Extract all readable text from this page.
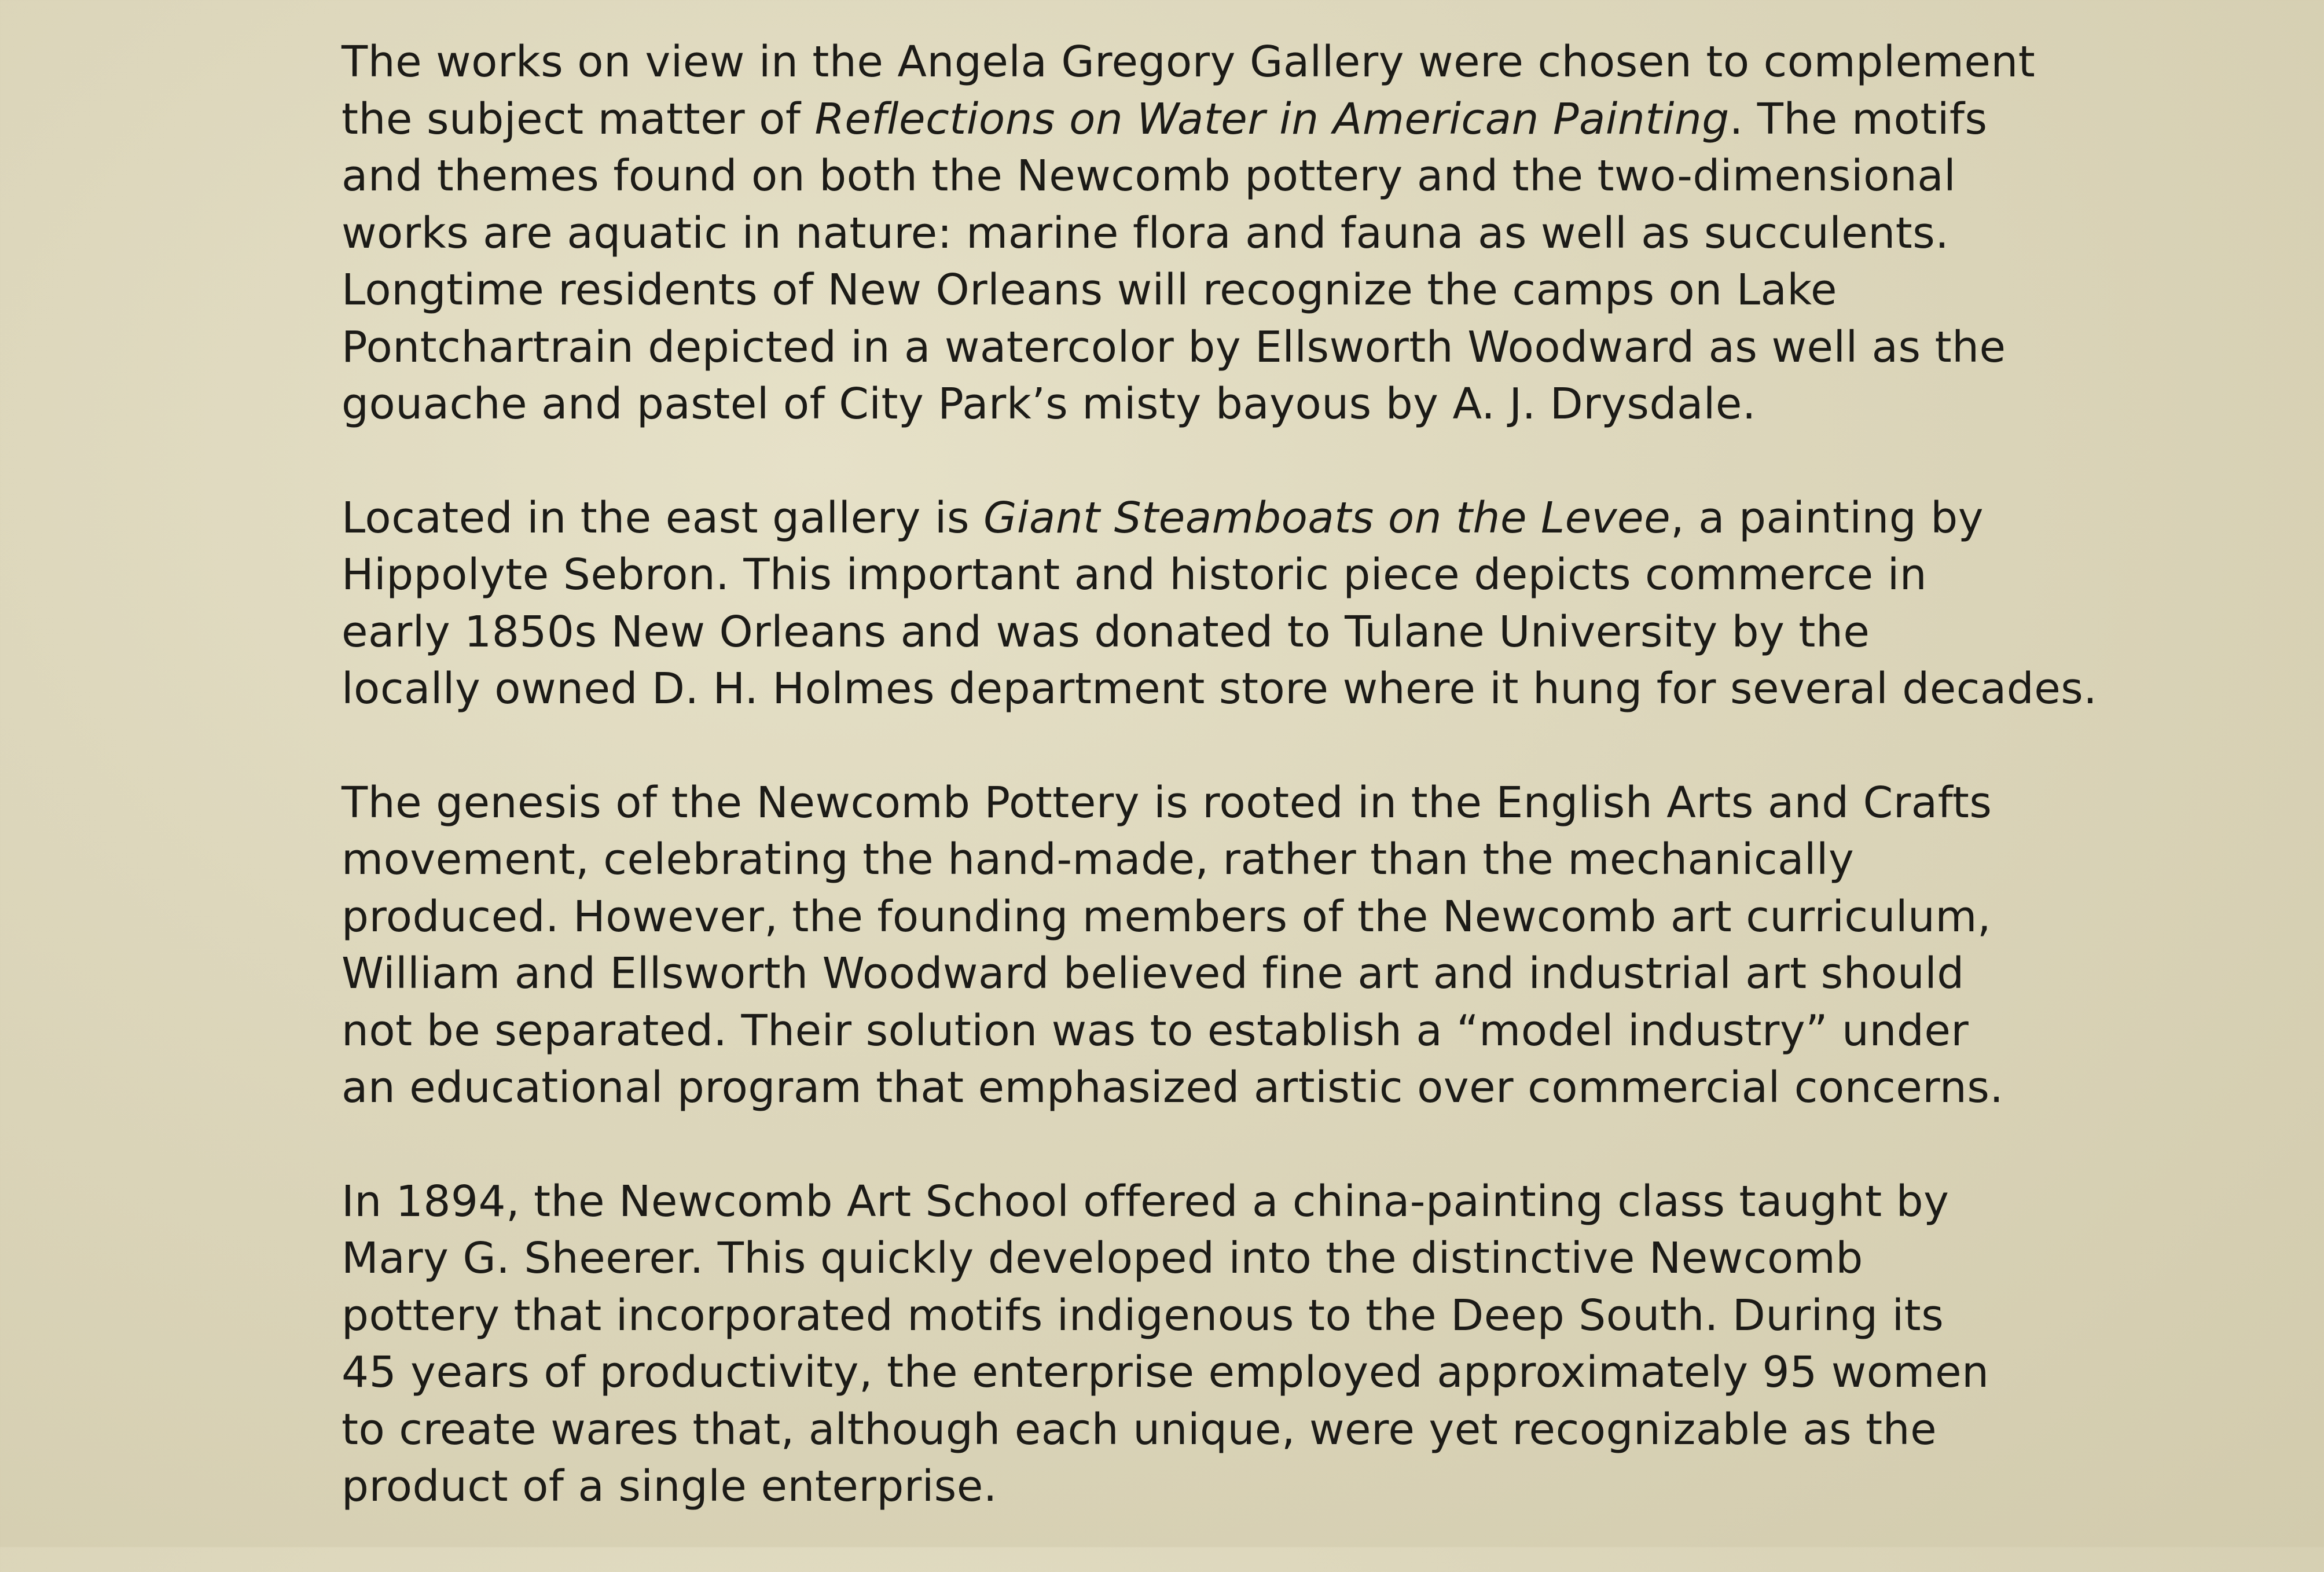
The works on view in the Angela Gregory Gallery were chosen to complement
the subject matter of Reflections on Water in American Painting. The motifs
and themes found on both the Newcomb pottery and the two-dimensional
works are aquatic in nature: marine flora and fauna as well as succulents.
Longtime residents of New Orleans will recognize the camps on Lake
Pontchartrain depicted in a watercolor by Ellsworth Woodward as well as the
gouache and pastel of City Park’s misty bayous by A. J. Drysdale.
Located in the east gallery is Giant Steamboats on the Levee, a painting by
Hippolyte Sebron. This important and historic piece depicts commerce in
early 1850s New Orleans and was donated to Tulane University by the
locally owned D. H. Holmes department store where it hung for several decades.
The genesis of the Newcomb Pottery is rooted in the English Arts and Crafts
movement, celebrating the hand-made, rather than the mechanically
produced. However, the founding members of the Newcomb art curriculum,
William and Ellsworth Woodward believed fine art and industrial art should
not be separated. Their solution was to establish a “model industry” under
an educational program that emphasized artistic over commercial concerns.
In 1894, the Newcomb Art School offered a china-painting class taught by
Mary G. Sheerer. This quickly developed into the distinctive Newcomb
pottery that incorporated motifs indigenous to the Deep South. During its
45 years of productivity, the enterprise employed approximately 95 women
to create wares that, although each unique, were yet recognizable as the
product of a single enterprise.
